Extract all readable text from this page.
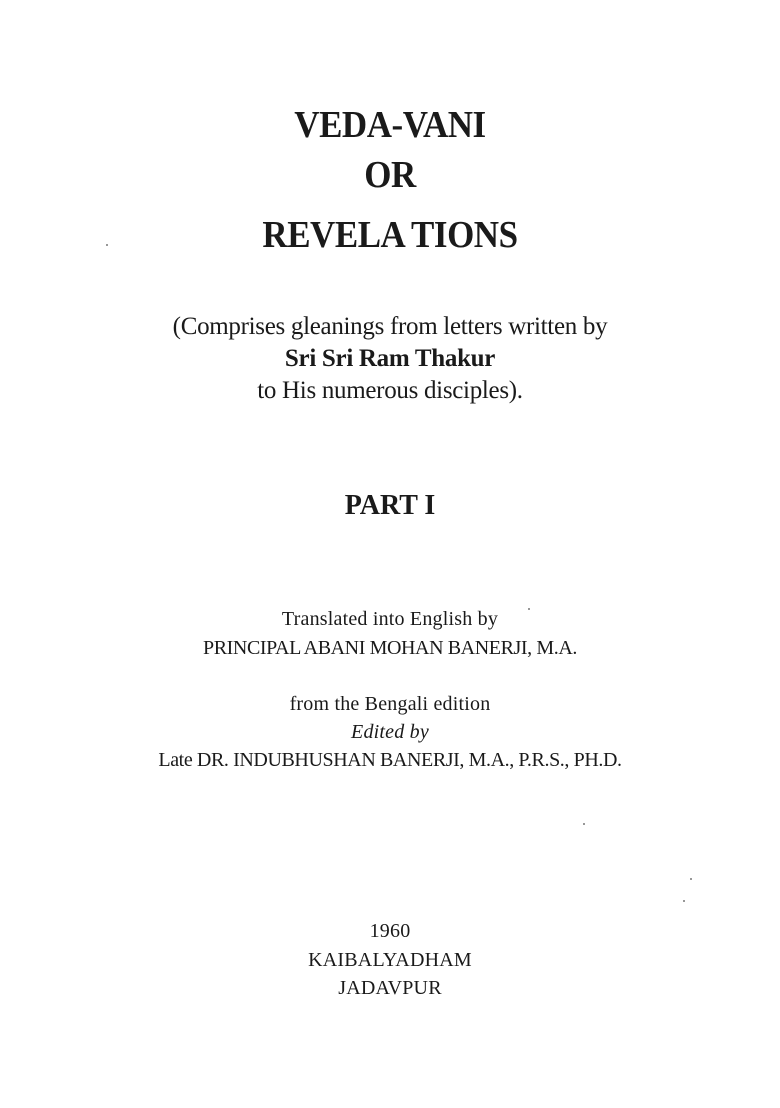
VEDA-VANI
OR
REVELA TIONS
(Comprises gleanings from letters written by
Sri Sri Ram Thakur
to His numerous disciples).
PART I
Translated into English by
PRINCIPAL ABANI MOHAN BANERJI, M.A.
from the Bengali edition
Edited by
Late DR. INDUBHUSHAN BANERJI, M.A., P.R.S., PH.D.
1960
KAIBALYADHAM
JADAVPUR
